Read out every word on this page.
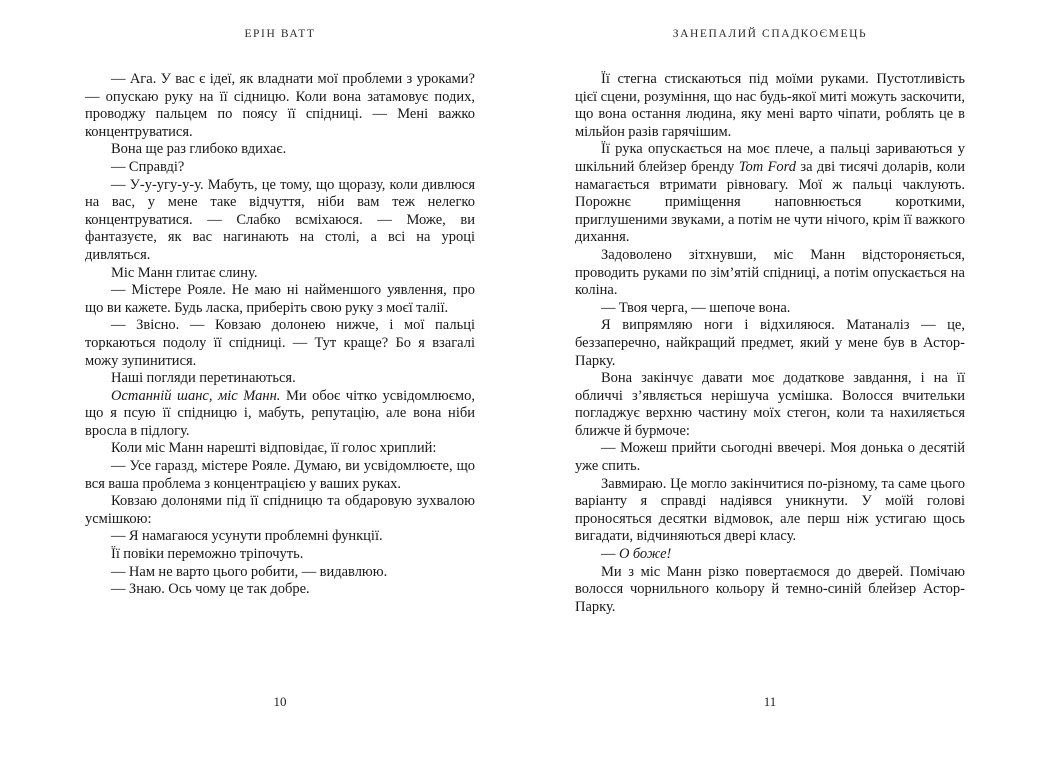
ЕРІН ВАТТ

— Ага. У вас є ідеї, як владнати мої проблеми з уроками? — опускаю руку на її сідницю. Коли вона затамовує подих, проводжу пальцем по поясу її спідниці. — Мені важко концентруватися.

Вона ще раз глибоко вдихає.

— Справді?

— У-у-угу-у-у. Мабуть, це тому, що щоразу, коли дивлюся на вас, у мене таке відчуття, ніби вам теж нелегко концентруватися. — Слабко всміхаюся. — Може, ви фантазуєте, як вас нагинають на столі, а всі на уроці дивляться.

Міс Манн глитає слину.

— Містере Рояле. Не маю ні найменшого уявлення, про що ви кажете. Будь ласка, приберіть свою руку з моєї талії.

— Звісно. — Ковзаю долонею нижче, і мої пальці торкаються подолу її спідниці. — Тут краще? Бо я взагалі можу зупинитися.

Наші погляди перетинаються.

Останній шанс, міс Манн. Ми обоє чітко усвідомлюємо, що я псую її спідницю і, мабуть, репутацію, але вона ніби вросла в підлогу.

Коли міс Манн нарешті відповідає, її голос хриплий:

— Усе гаразд, містере Рояле. Думаю, ви усвідомлюєте, що вся ваша проблема з концентрацією у ваших руках.

Ковзаю долонями під її спідницю та обдаровую зухвалою усмішкою:

— Я намагаюся усунути проблемні функції.

Її повіки переможно тріпочуть.

— Нам не варто цього робити, — видавлюю.

— Знаю. Ось чому це так добре.

10
ЗАНЕПАЛИЙ СПАДКОЄМЕЦЬ

Її стегна стискаються під моїми руками. Пустотливість цієї сцени, розуміння, що нас будь-якої миті можуть заскочити, що вона остання людина, яку мені варто чіпати, роблять це в мільйон разів гарячішим.

Її рука опускається на моє плече, а пальці зариваються у шкільний блейзер бренду Tom Ford за дві тисячі доларів, коли намагається втримати рівновагу. Мої ж пальці чаклують. Порожнє приміщення наповнюється короткими, приглушеними звуками, а потім не чути нічого, крім її важкого дихання.

Задоволено зітхнувши, міс Манн відстороняється, проводить руками по зім’ятій спідниці, а потім опускається на коліна.

— Твоя черга, — шепоче вона.

Я випрямляю ноги і відхиляюся. Матаналіз — це, беззаперечно, найкращий предмет, який у мене був в Астор-Парку.

Вона закінчує давати моє додаткове завдання, і на її обличчі з’являється нерішуча усмішка. Волосся вчительки погладжує верхню частину моїх стегон, коли та нахиляється ближче й бурмоче:

— Можеш прийти сьогодні ввечері. Моя донька о десятій уже спить.

Завмираю. Це могло закінчитися по-різному, та саме цього варіанту я справді надіявся уникнути. У моїй голові проносяться десятки відмовок, але перш ніж устигаю щось вигадати, відчиняються двері класу.

— О боже!

Ми з міс Манн різко повертаємося до дверей. Помічаю волосся чорнильного кольору й темно-синій блейзер Астор-Парку.

11
